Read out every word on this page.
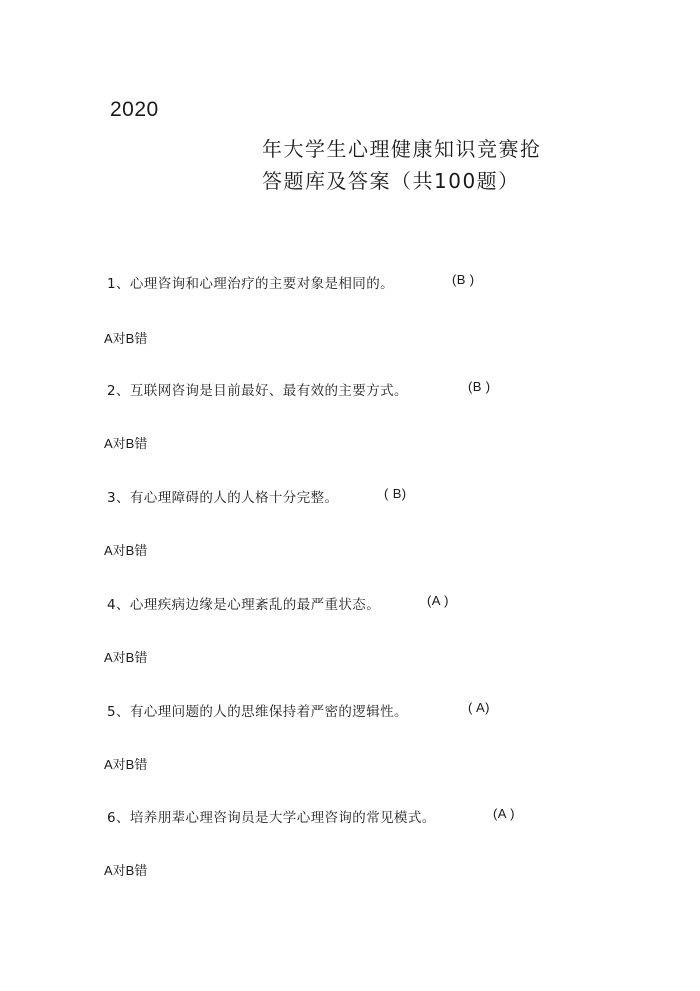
2020
年大学生心理健康知识竞赛抢
答题库及答案（共100题）
1、心理咨询和心理治疗的主要对象是相同的。	(B )
A对B错
2、互联网咨询是目前最好、最有效的主要方式。	(B )
A对B错
3、有心理障碍的人的人格十分完整。	( B)
A对B错
4、心理疾病边缘是心理紊乱的最严重状态。	(A )
A对B错
5、有心理问题的人的思维保持着严密的逻辑性。	( A)
A对B错
6、培养朋辈心理咨询员是大学心理咨询的常见模式。	(A )
A对B错
